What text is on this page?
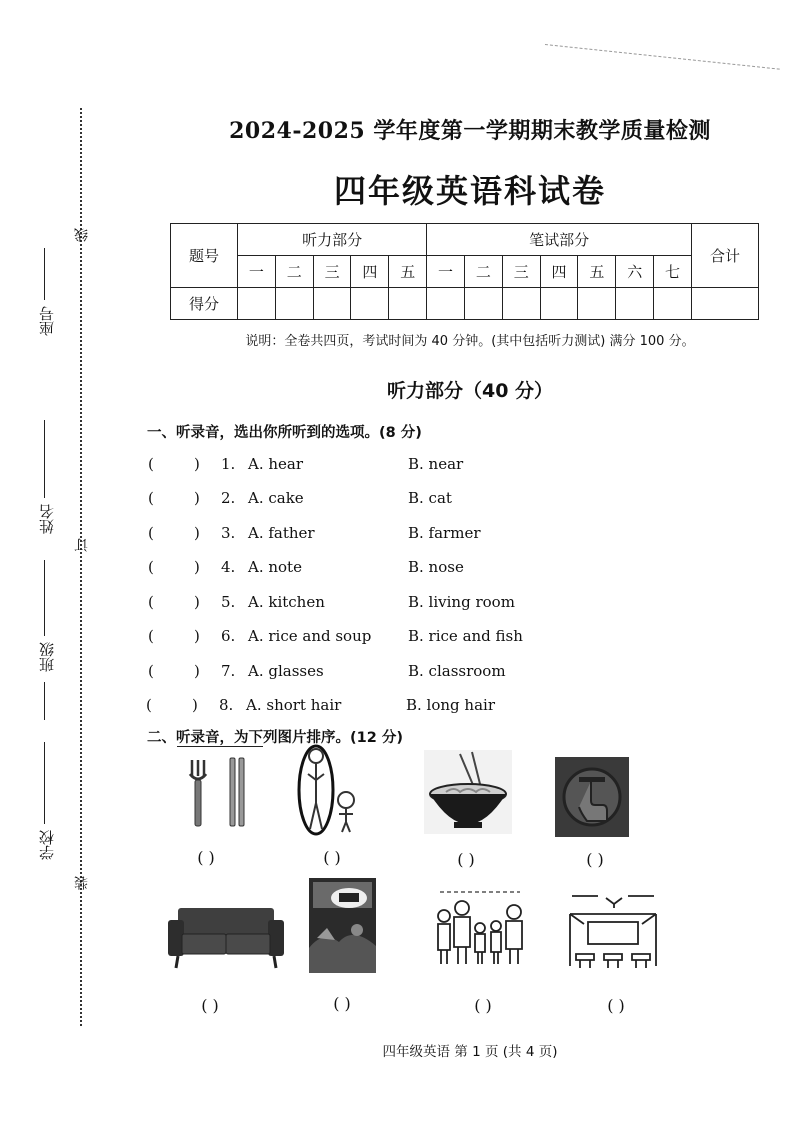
线
订
装
座号
姓名
班级
学校
2024-2025 学年度第一学期期末教学质量检测
四年级英语科试卷
题号	听力部分					笔试部分							合计
	一	二	三	四	五	一	二	三	四	五	六	七	
得分													
说明：全卷共四页，考试时间为 40 分钟。(其中包括听力测试) 满分 100 分。
听力部分（40 分）
一、听录音，选出你所听到的选项。(8 分)
(	) 1. A. hear	B. near
(	) 2. A. cake	B. cat
(	) 3. A. father	B. farmer
(	) 4. A. note	B. nose
(	) 5. A. kitchen	B. living room
(	) 6. A. rice and soup B. rice and fish
(	) 7. A. glasses	B. classroom
(	) 8. A. short hair	B. long hair
二、听录音，为下列图片排序。(12 分)
( )	( )	( )	( )
( )	( )	( )	( )
四年级英语 第 1 页 (共 4 页)
